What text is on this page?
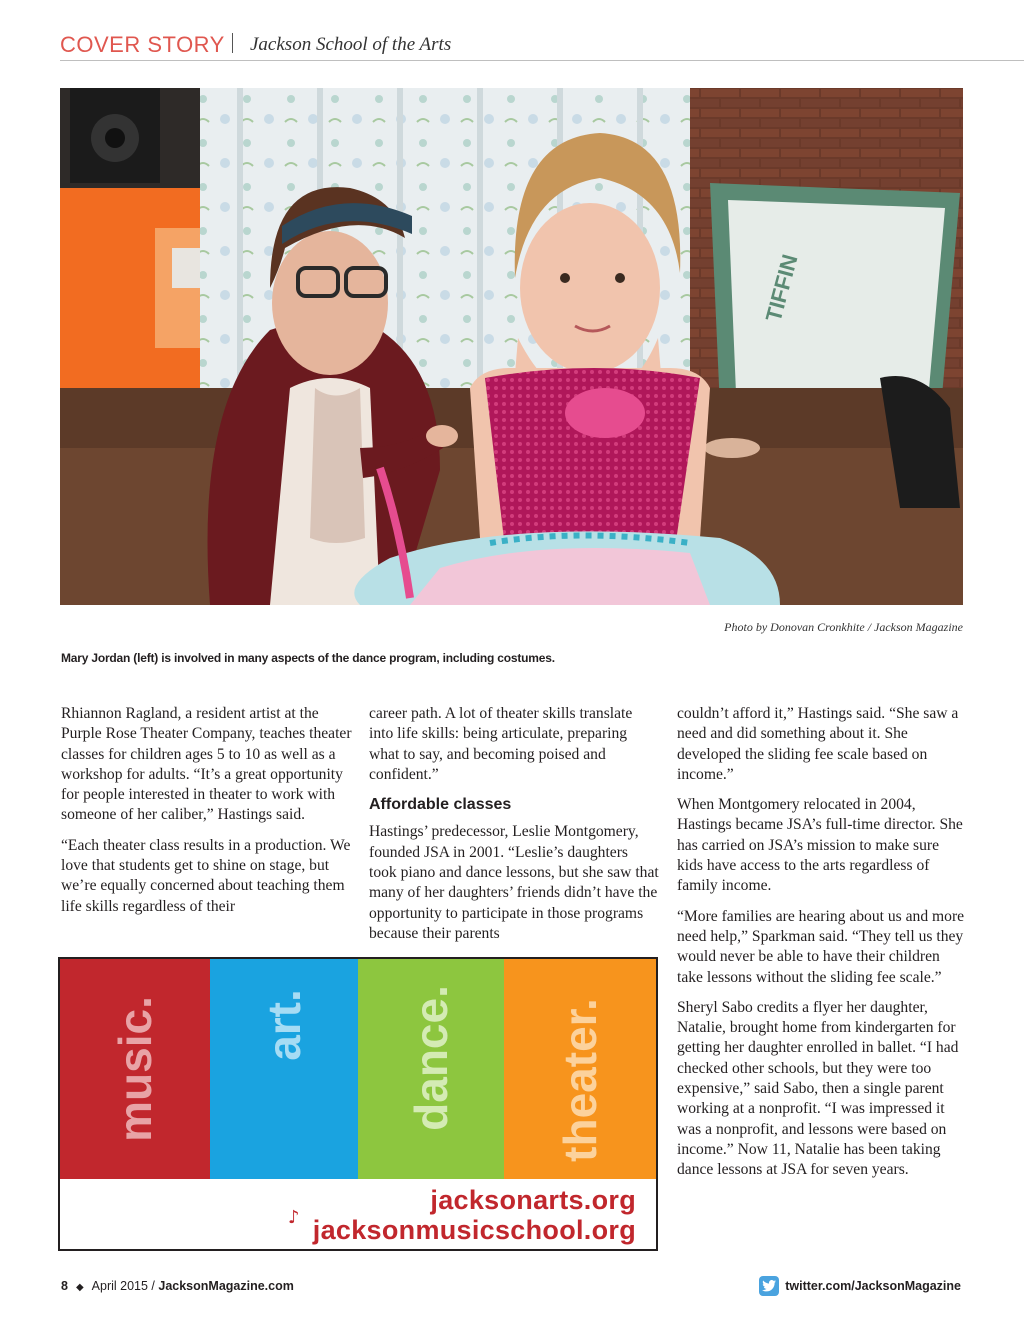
COVER STORY Jackson School of the Arts
TIFFIN
Photo by Donovan Cronkhite / Jackson Magazine
Mary Jordan (left) is involved in many aspects of the dance program, including costumes.

Rhiannon Ragland, a resident artist at the Purple Rose Theater Company, teaches theater classes for children ages 5 to 10 as well as a workshop for adults. “It’s a great opportunity for people interested in theater to work with someone of her caliber,” Hastings said.

“Each theater class results in a production. We love that students get to shine on stage, but we’re equally concerned about teaching them life skills regardless of their

career path. A lot of theater skills translate into life skills: being articulate, preparing what to say, and becoming poised and confident.”

Affordable classes

Hastings’ predecessor, Leslie Montgomery, founded JSA in 2001. “Leslie’s daughters took piano and dance lessons, but she saw that many of her daughters’ friends didn’t have the opportunity to participate in those programs because their parents

couldn’t afford it,” Hastings said. “She saw a need and did something about it. She developed the sliding fee scale based on income.”

When Montgomery relocated in 2004, Hastings became JSA’s full-time director. She has carried on JSA’s mission to make sure kids have access to the arts regardless of family income.

“More families are hearing about us and more need help,” Sparkman said. “They tell us they would never be able to have their children take lessons without the sliding fee scale.”

Sheryl Sabo credits a flyer her daughter, Natalie, brought home from kindergarten for getting her daughter enrolled in ballet. “I had checked other schools, but they were too expensive,” said Sabo, then a single parent working at a nonprofit. “I was impressed it was a nonprofit, and lessons were based on income.” Now 11, Natalie has been taking dance lessons at JSA for seven years.

music. art. dance. theater.
jacksonarts.org
♪ jacksonmusicschool.org
8 ◆ April 2015 / JacksonMagazine.com	twitter.com/JacksonMagazine
